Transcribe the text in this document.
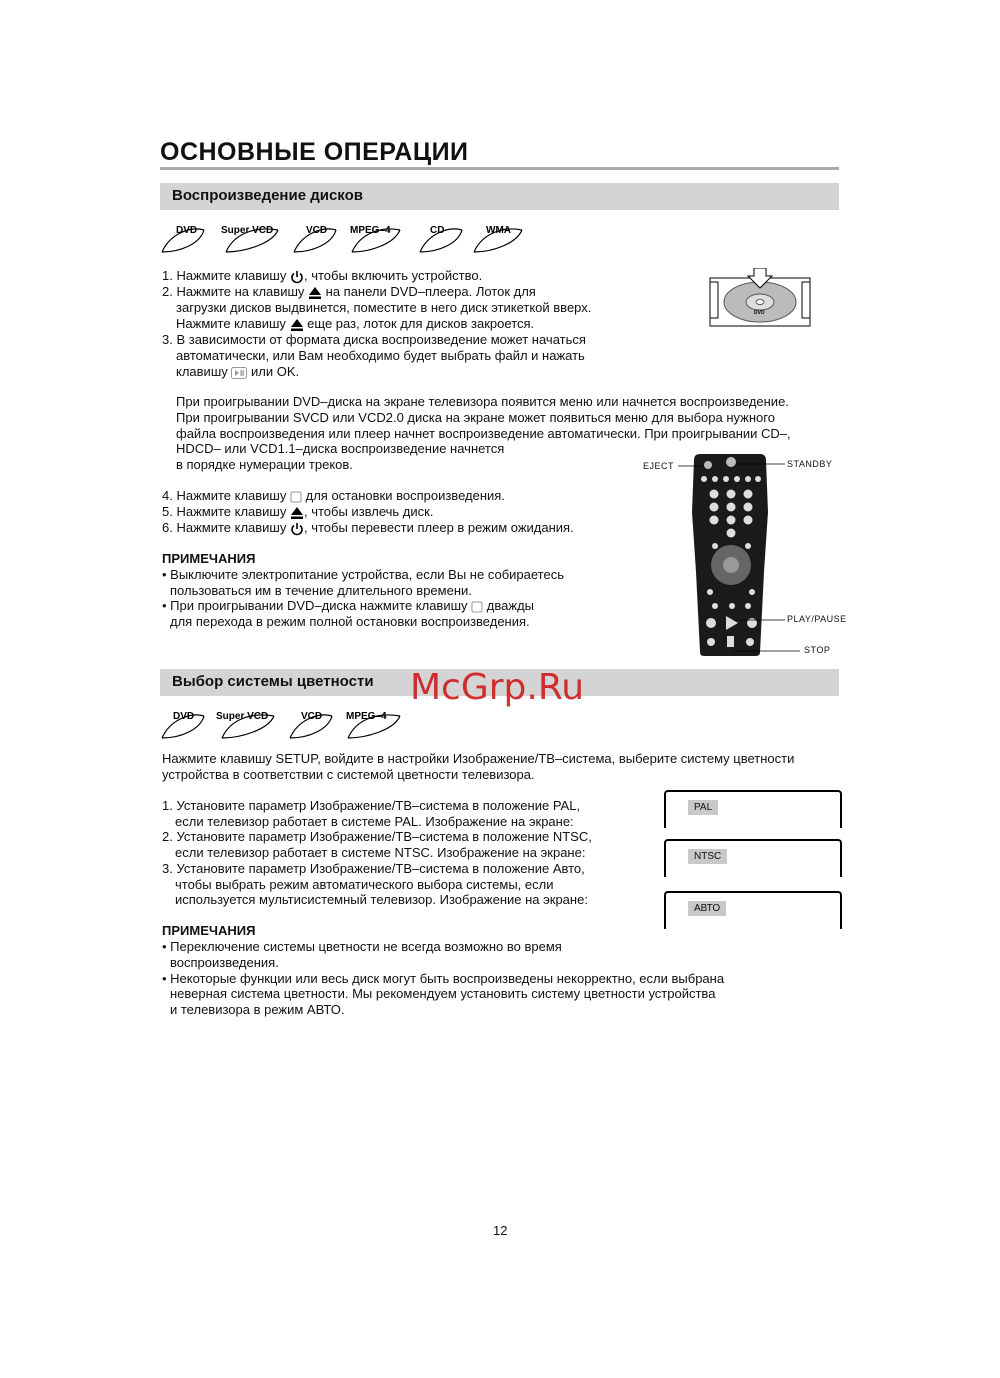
ОСНОВНЫЕ ОПЕРАЦИИ
Воспроизведение дисков
DVD Super VCD	VCD MPEG–4	CD	WMA
1. Нажмите клавишу , чтобы включить устройство.
2. Нажмите на клавишу на панели DVD–плеера. Лоток для
загрузки дисков выдвинется, поместите в него диск этикеткой вверх.
Нажмите клавишу еще раз, лоток для дисков закроется.
3. В зависимости от формата диска воспроизведение может начаться
автоматически, или Вам необходимо будет выбрать файл и нажать
клавишу или OK.
DVD
При проигрывании DVD–диска на экране телевизора появится меню или начнется воспроизведение.
При проигрывании SVCD или VCD2.0 диска на экране может появиться меню для выбора нужного
файла воспроизведения или плеер начнет воспроизведение автоматически. При проигрывании CD–,
HDCD– или VCD1.1–диска воспроизведение начнется
в порядке нумерации треков.
4. Нажмите клавишу для остановки воспроизведения.
5. Нажмите клавишу , чтобы извлечь диск.
6. Нажмите клавишу , чтобы перевести плеер в режим ожидания.
ПРИМЕЧАНИЯ
• Выключите электропитание устройства, если Вы не собираетесь
пользоваться им в течение длительного времени.
• При проигрывании DVD–диска нажмите клавишу дважды
для перехода в режим полной остановки воспроизведения.
EJECT	STANDBY
PLAY/PAUSE
STOP
Выбор системы цветности McGrp.Ru
DVD Super VCD	VCD MPEG–4
Нажмите клавишу SETUP, войдите в настройки Изображение/ТВ–система, выберите систему цветности
устройства в соответствии с системой цветности телевизора.
1. Установите параметр Изображение/ТВ–система в положение PAL,
если телевизор работает в системе PAL. Изображение на экране:
2. Установите параметр Изображение/ТВ–система в положение NTSC,
если телевизор работает в системе NTSC. Изображение на экране:
3. Установите параметр Изображение/ТВ–система в положение Авто,
чтобы выбрать режим автоматического выбора системы, если
используется мультисистемный телевизор. Изображение на экране:
PAL
NTSC
АВТО
ПРИМЕЧАНИЯ
• Переключение системы цветности не всегда возможно во время
воспроизведения.
• Некоторые функции или весь диск могут быть воспроизведены некорректно, если выбрана
неверная система цветности. Мы рекомендуем установить систему цветности устройства
и телевизора в режим АВТО.
12
